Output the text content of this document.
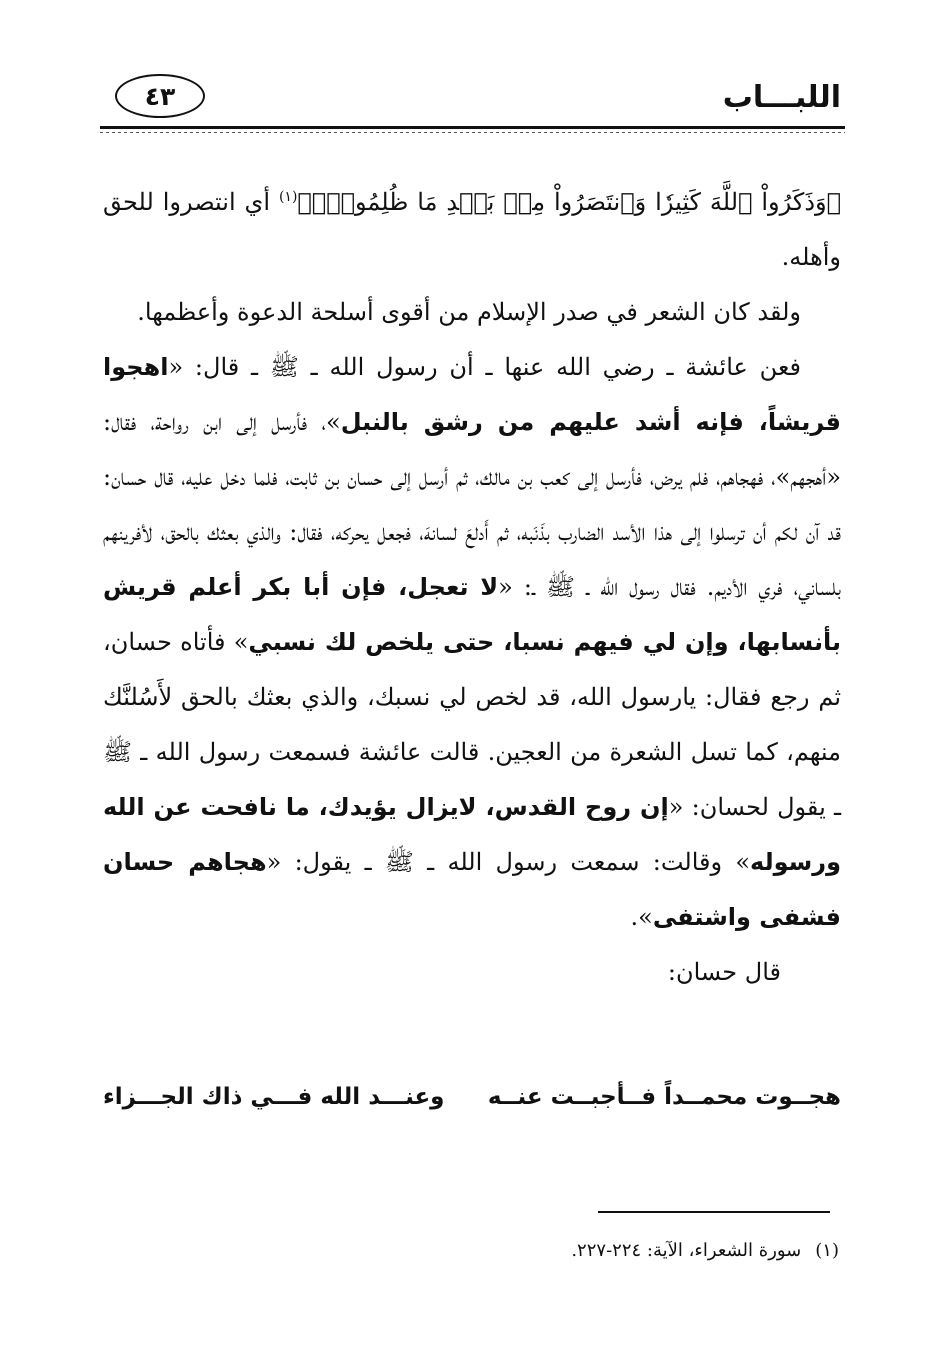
اللبـــاب
٤٣

﴿وَذَكَرُواْ ٱللَّهَ كَثِيرٗا وَٱنتَصَرُواْ مِنۢ بَعۡدِ مَا ظُلِمُواْۗ﴾$^{(١)}$ أي انتصروا للحق وأهله.

ولقد كان الشعر في صدر الإسلام من أقوى أسلحة الدعوة وأعظمها.

فعن عائشة ـ رضي الله عنها ـ أن رسول الله ـ ﷺ ـ قال: «اهجوا قريشاً، فإنه أشد عليهم من رشق بالنبل»، فأرسل إلى ابن رواحة، فقال: «أهجهم»، فهجاهم، فلم يرض، فأرسل إلى كعب بن مالك، ثم أرسل إلى حسان بن ثابت، فلما دخل عليه، قال حسان: قد آن لكم أن ترسلوا إلى هذا الأسد الضارب بذَنَبه، ثم أَدلعَ لسانهَ، فجعل يحركه، فقال: والذي بعثك بالحق، لأفرينهم بلساني، فري الأديم. فقال رسول الله ـ ﷺ ـ: «لا تعجل، فإن أبا بكر أعلم قريش بأنسابها، وإن لي فيهم نسبا، حتى يلخص لك نسبي» فأتاه حسان، ثم رجع فقال: يارسول الله، قد لخص لي نسبك، والذي بعثك بالحق لأَسُلنَّك منهم، كما تسل الشعرة من العجين. قالت عائشة فسمعت رسول الله ـ ﷺ ـ يقول لحسان: «إن روح القدس، لايزال يؤيدك، ما نافحت عن الله ورسوله» وقالت: سمعت رسول الله ـ ﷺ ـ يقول: «هجاهم حسان فشفى واشتفى».

قال حسان:

هجــوت محمــداً فــأجبــت عنــه
وعنـــد الله فـــي ذاك الجـــزاء
(١)سورة الشعراء، الآية: ٢٢٤-٢٢٧.
